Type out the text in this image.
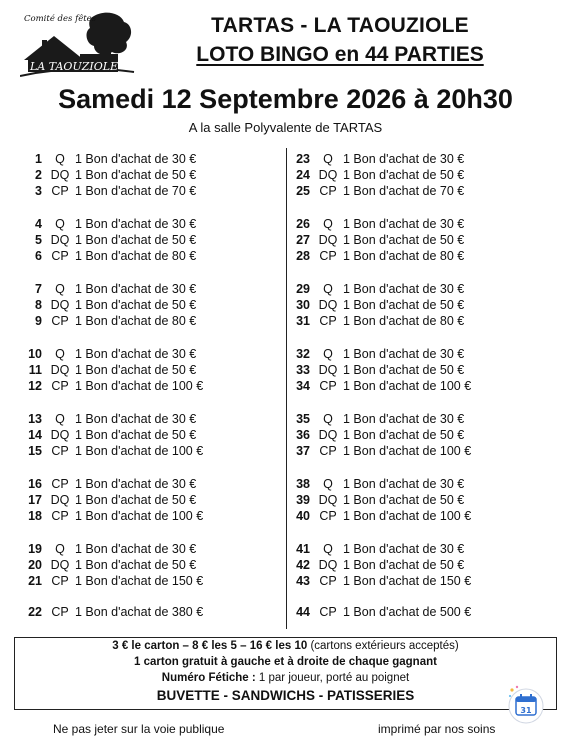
Comité des fêtes
LA TAOUZIOLE
TARTAS - LA TAOUZIOLE
LOTO BINGO en 44 PARTIES
Samedi 12 Septembre 2026 à 20h30
A la salle Polyvalente de TARTAS
1	Q 1 Bon d'achat de 30 €
2 DQ 1 Bon d'achat de 50 €
3 CP 1 Bon d'achat de 70 €
4	Q 1 Bon d'achat de 30 €
5 DQ 1 Bon d'achat de 50 €
6 CP 1 Bon d'achat de 80 €
7	Q 1 Bon d'achat de 30 €
8 DQ 1 Bon d'achat de 50 €
9 CP 1 Bon d'achat de 80 €
10	Q 1 Bon d'achat de 30 €
11 DQ 1 Bon d'achat de 50 €
12 CP 1 Bon d'achat de 100 €
13	Q 1 Bon d'achat de 30 €
14 DQ 1 Bon d'achat de 50 €
15 CP 1 Bon d'achat de 100 €
16 CP 1 Bon d'achat de 30 €
17 DQ 1 Bon d'achat de 50 €
18 CP 1 Bon d'achat de 100 €
19	Q 1 Bon d'achat de 30 €
20 DQ 1 Bon d'achat de 50 €
21 CP 1 Bon d'achat de 150 €
22 CP 1 Bon d'achat de 380 €
23	Q 1 Bon d'achat de 30 €
24 DQ 1 Bon d'achat de 50 €
25 CP 1 Bon d'achat de 70 €
26	Q 1 Bon d'achat de 30 €
27 DQ 1 Bon d'achat de 50 €
28 CP 1 Bon d'achat de 80 €
29	Q 1 Bon d'achat de 30 €
30 DQ 1 Bon d'achat de 50 €
31 CP 1 Bon d'achat de 80 €
32	Q 1 Bon d'achat de 30 €
33 DQ 1 Bon d'achat de 50 €
34 CP 1 Bon d'achat de 100 €
35	Q 1 Bon d'achat de 30 €
36 DQ 1 Bon d'achat de 50 €
37 CP 1 Bon d'achat de 100 €
38	Q 1 Bon d'achat de 30 €
39 DQ 1 Bon d'achat de 50 €
40 CP 1 Bon d'achat de 100 €
41	Q 1 Bon d'achat de 30 €
42 DQ 1 Bon d'achat de 50 €
43 CP 1 Bon d'achat de 150 €
44 CP 1 Bon d'achat de 500 €
3 € le carton – 8 € les 5 – 16 € les 10 (cartons extérieurs acceptés)
1 carton gratuit à gauche et à droite de chaque gagnant
Numéro Fétiche : 1 par joueur, porté au poignet
BUVETTE - SANDWICHS - PATISSERIES
Ne pas jeter sur la voie publique	imprimé par nos soins
31
